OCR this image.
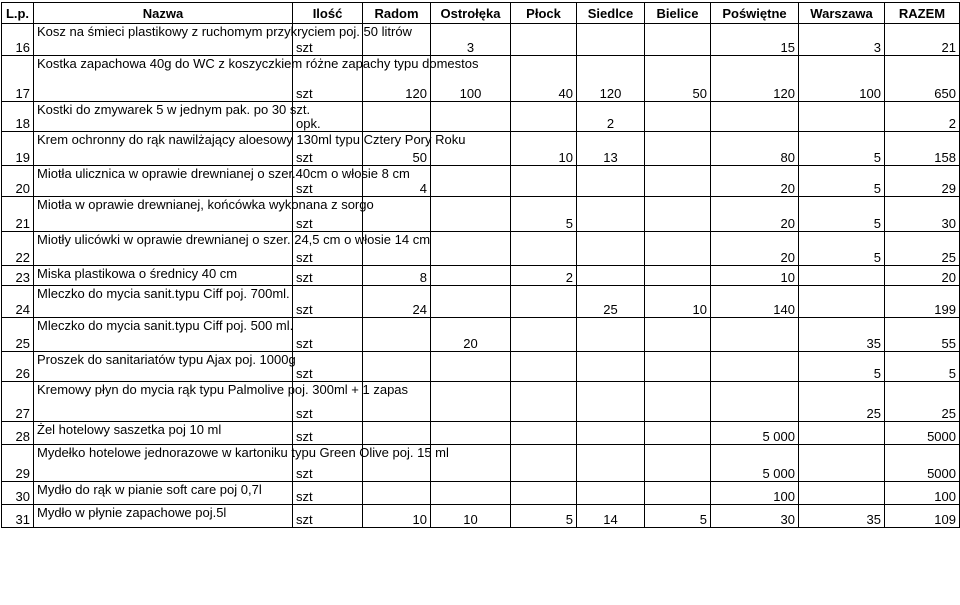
L.p.	Nazwa	Ilość	Radom	Ostrołęka	Płock	Siedlce	Bielice	Poświętne	Warszawa	RAZEM
16	Kosz na śmieci plastikowy z ruchomym przykryciem poj. 50 litrów	szt		3				15	3	21
17	Kostka zapachowa 40g do WC z koszyczkiem różne zapachy typu domestos	szt	120	100	40	120	50	120	100	650
18	Kostki do zmywarek 5 w jednym pak. po 30 szt.	opk.				2				2
19	Krem ochronny do rąk nawilżający aloesowy 130ml typu Cztery Pory Roku	szt	50		10	13		80	5	158
20	Miotła ulicznica w oprawie drewnianej o szer.40cm o włosie 8 cm	szt	4					20	5	29
21	Miotła w oprawie drewnianej, końcówka wykonana z sorgo	szt			5			20	5	30
22	Miotły ulicówki w oprawie drewnianej o szer. 24,5 cm o włosie 14 cm	szt						20	5	25
23	Miska plastikowa o średnicy 40 cm	szt	8		2			10		20
24	Mleczko do mycia sanit.typu Ciff poj. 700ml.	szt	24			25	10	140		199
25	Mleczko do mycia sanit.typu Ciff poj. 500 ml.	szt		20					35	55
26	Proszek do sanitariatów typu Ajax poj. 1000g	szt							5	5
27	Kremowy płyn do mycia rąk typu Palmolive poj. 300ml + 1 zapas	szt							25	25
28	Żel hotelowy saszetka poj 10 ml	szt						5 000		5000
29	Mydełko hotelowe jednorazowe w kartoniku typu Green Olive poj. 15 ml	szt						5 000		5000
30	Mydło do rąk w pianie soft care poj 0,7l	szt						100		100
31	Mydło w płynie zapachowe poj.5l	szt	10	10	5	14	5	30	35	109
